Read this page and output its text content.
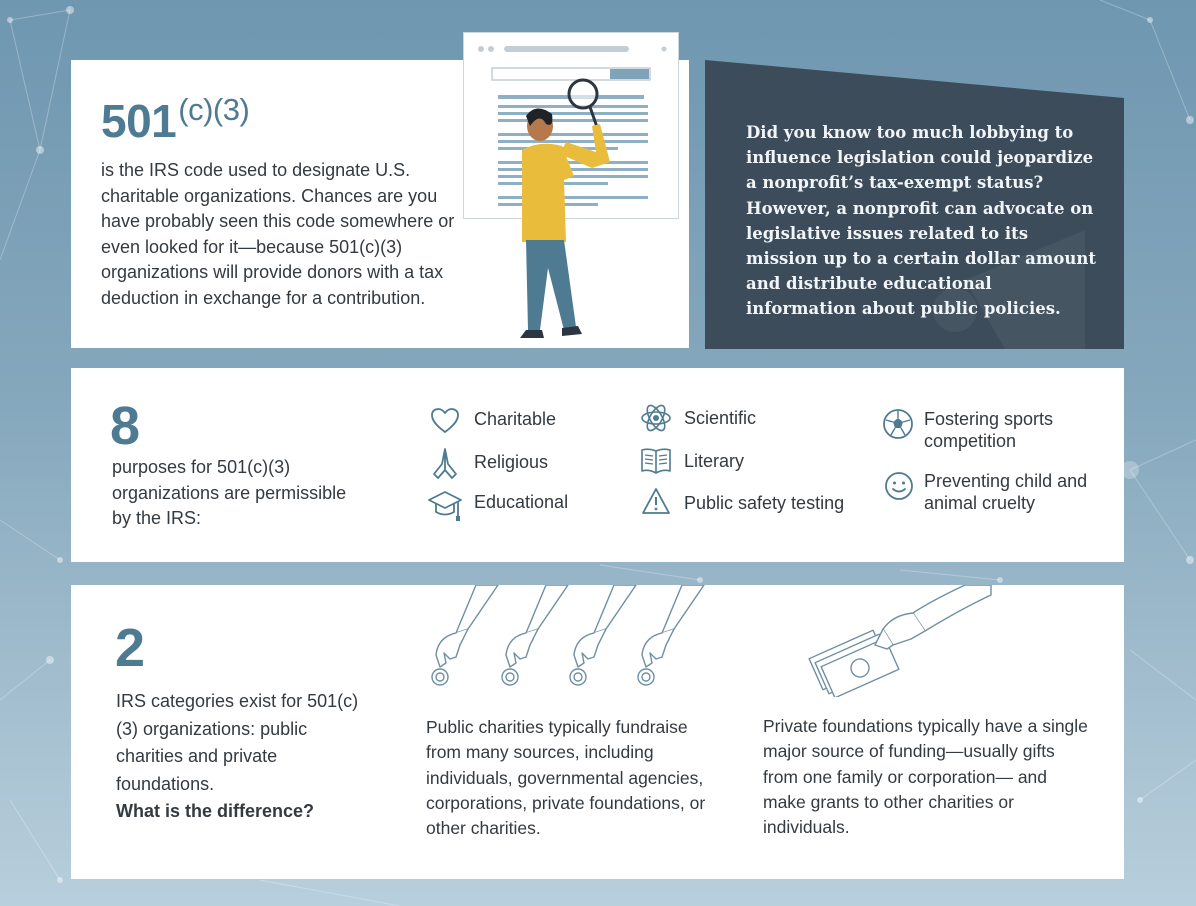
$501^{(c)(3)}$
is the IRS code used to designate U.S. charitable organizations. Chances are you have probably seen this code somewhere or even looked for it—because 501(c)(3) organizations will provide donors with a tax deduction in exchange for a contribution.
Did you know too much lobbying to influence legislation could jeopardize a nonprofit’s tax-exempt status? However, a nonprofit can advocate on legislative issues related to its mission up to a certain dollar amount and distribute educational information about public policies.
8
purposes for 501(c)(3) organizations are permissible by the IRS:
Charitable
Religious
Educational
Scientific
Literary
Public safety testing
Fostering sports competition
Preventing child and animal cruelty
2
IRS categories exist for 501(c)(3) organizations: public charities and private foundations.
What is the difference?
Public charities typically fundraise from many sources, including individuals, governmental agencies, corporations, private foundations, or other charities.
Private foundations typically have a single major source of funding—usually gifts from one family or corporation— and make grants to other charities or individuals.
